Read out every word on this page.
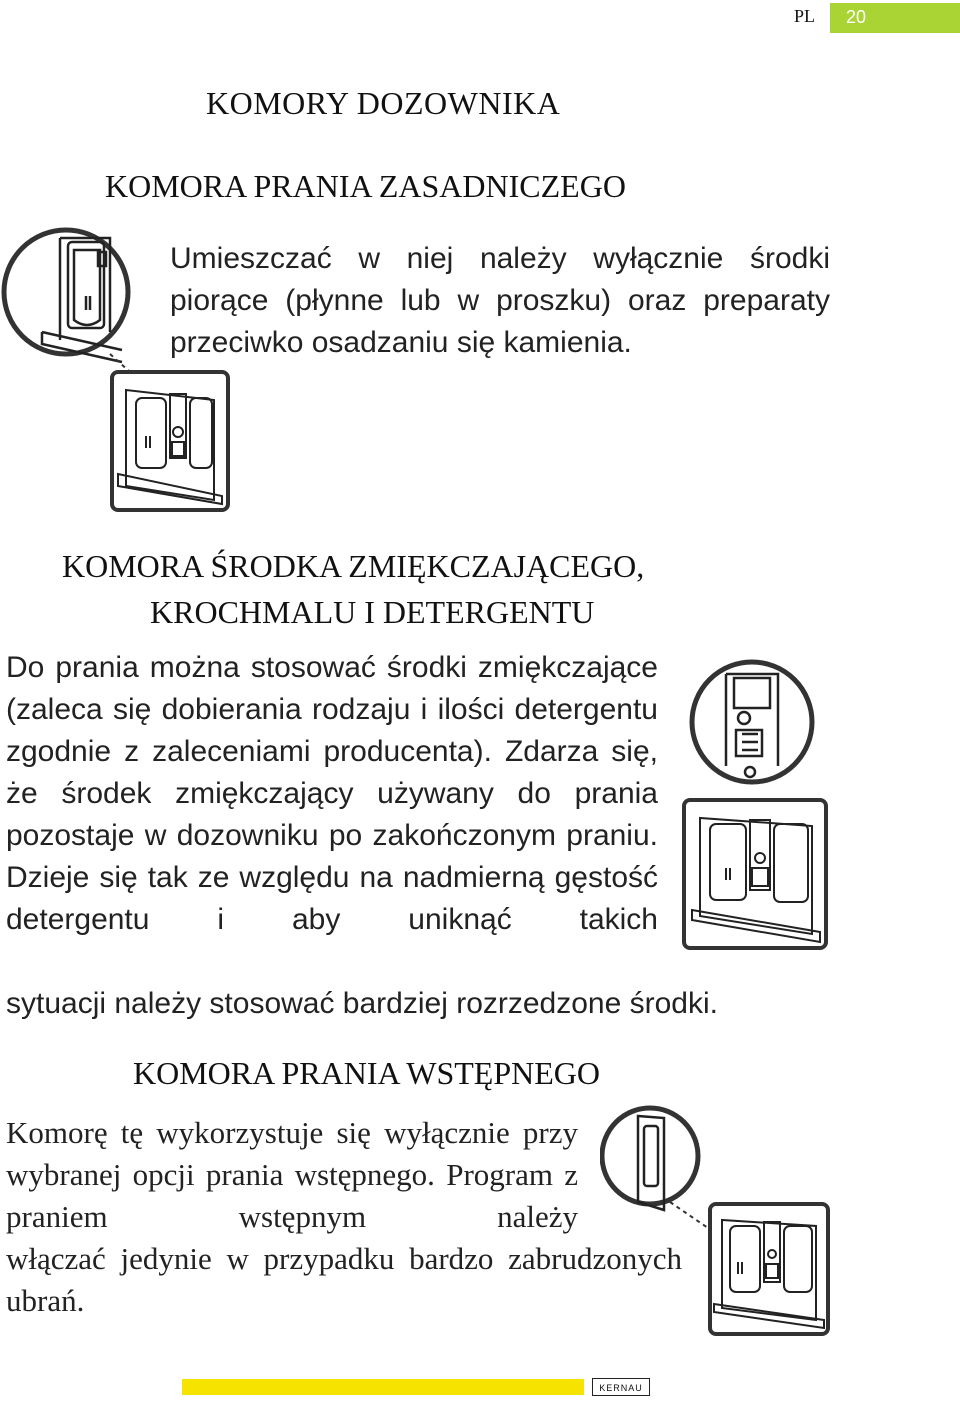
PL 20
KOMORY DOZOWNIKA
KOMORA PRANIA ZASADNICZEGO

Umieszczać w niej należy wyłącznie środki piorące (płynne lub w proszku) oraz preparaty przeciwko osadzaniu się kamienia.

KOMORA ŚRODKA ZMIĘKCZAJĄCEGO,
KROCHMALU I DETERGENTU

Do prania można stosować środki zmiękczające (zaleca się dobierania rodzaju i ilości detergentu zgodnie z zaleceniami producenta). Zdarza się, że środek zmiękczający używany do prania pozostaje w dozowniku po zakończonym praniu. Dzieje się tak ze względu na nadmierną gęstość detergentu i aby uniknąć takich

sytuacji należy stosować bardziej rozrzedzone środki.

KOMORA PRANIA WSTĘPNEGO

Komorę tę wykorzystuje się wyłącznie przy wybranej opcji prania wstępnego. Program z praniem wstępnym należy

włączać jedynie w przypadku bardzo zabrudzonych ubrań.

KERNAU
